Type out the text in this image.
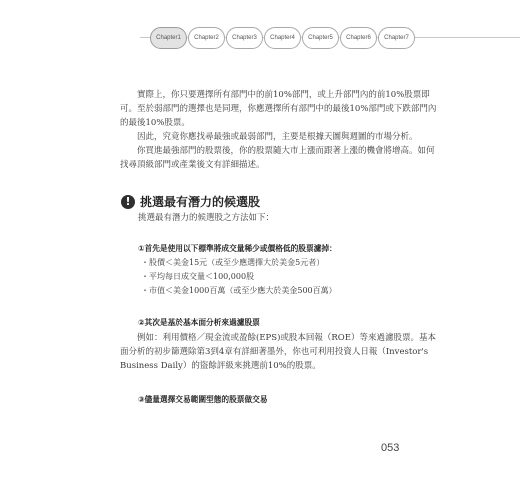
Chapter1	Chapter2	Chapter3	Chapter4	Chapter5	Chapter6	Chapter7

實際上，你只要選擇所有部門中的前10%部門，或上升部門內的前10%股票即可。至於弱部門的選擇也是同理，你應選擇所有部門中的最後10%部門或下跌部門內的最後10%股票。

因此，究竟你應找尋最強或最弱部門，主要是根據天圖與週圖的市場分析。

你買進最強部門的股票後，你的股票隨大市上漲而跟著上漲的機會將增高。如何找尋頂級部門或產業後文有詳細描述。

! 挑選最有潛力的候選股

挑選最有潛力的候選股之方法如下：

①首先是使用以下標準將成交量稀少或價格低的股票濾掉：

・股價＜美金15元（或至少應選擇大於美金5元者）

・平均每日成交量＜100,000股

・市值＜美金1000百萬（或至少應大於美金500百萬）

②其次是基於基本面分析來過濾股票

例如：利用價格／現金流或盈餘(EPS)或股本回報（ROE）等來過濾股票。基本面分析的初步篩選除第3到4章有詳細著墨外，你也可利用投資人日報（Investor's Business Daily）的盜餘評級來挑選前10%的股票。

③儘量選擇交易範圍型態的股票做交易
053
